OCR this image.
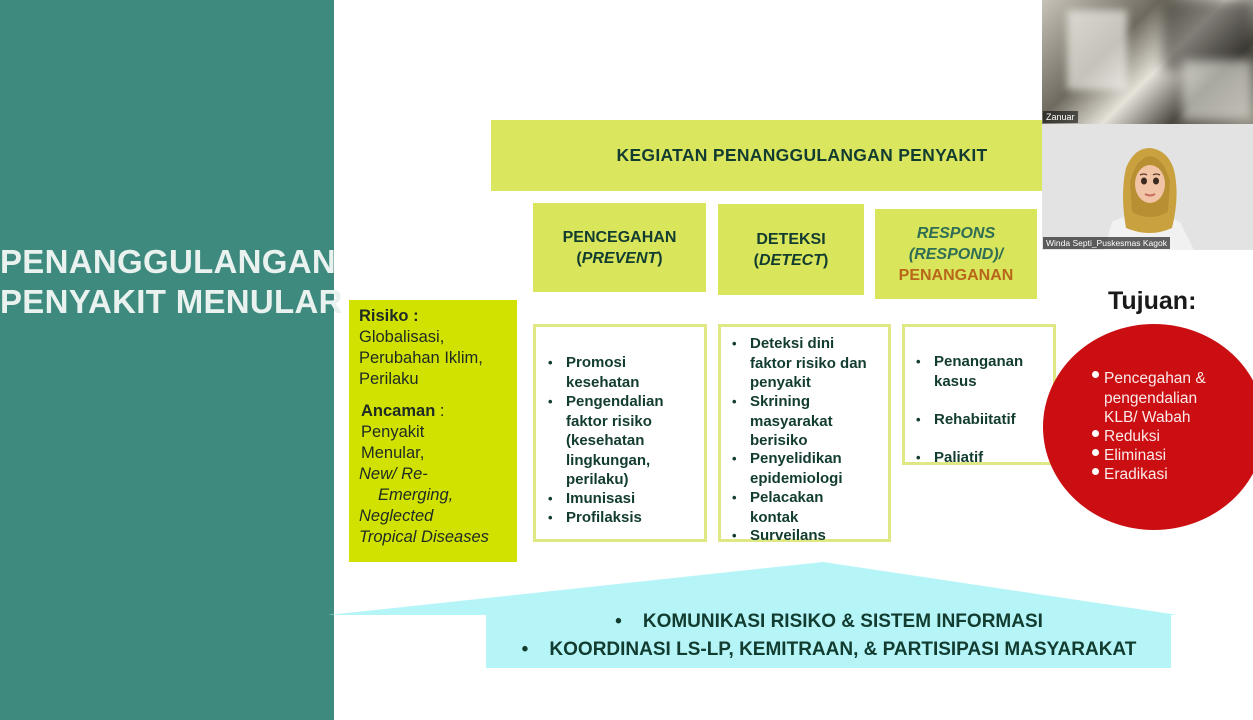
PENANGGULANGAN
PENYAKIT MENULAR
KEGIATAN PENANGGULANGAN PENYAKIT
PENCEGAHAN
(PREVENT)
DETEKSI
(DETECT)
RESPONS
(RESPOND)/
PENANGANAN
Risiko :
Globalisasi,
Perubahan Iklim,
Perilaku
Ancaman :
Penyakit
Menular,
New/ Re-
Emerging,
Neglected
Tropical Diseases
• Promosi
kesehatan
• Pengendalian
faktor risiko
(kesehatan
lingkungan,
perilaku)
• Imunisasi
• Profilaksis
• Deteksi dini
faktor risiko dan
penyakit
• Skrining
masyarakat
berisiko
• Penyelidikan
epidemiologi
• Pelacakan
kontak
• Surveilans
• Penanganan
kasus
• Rehabiitatif
• Paliatif
Tujuan:
Pencegahan &
pengendalian
KLB/ Wabah
Reduksi
Eliminasi
Eradikasi
•    KOMUNIKASI RISIKO & SISTEM INFORMASI
•    KOORDINASI LS-LP, KEMITRAAN, & PARTISIPASI MASYARAKAT
Zanuar
Winda Septi_Puskesmas Kagok
